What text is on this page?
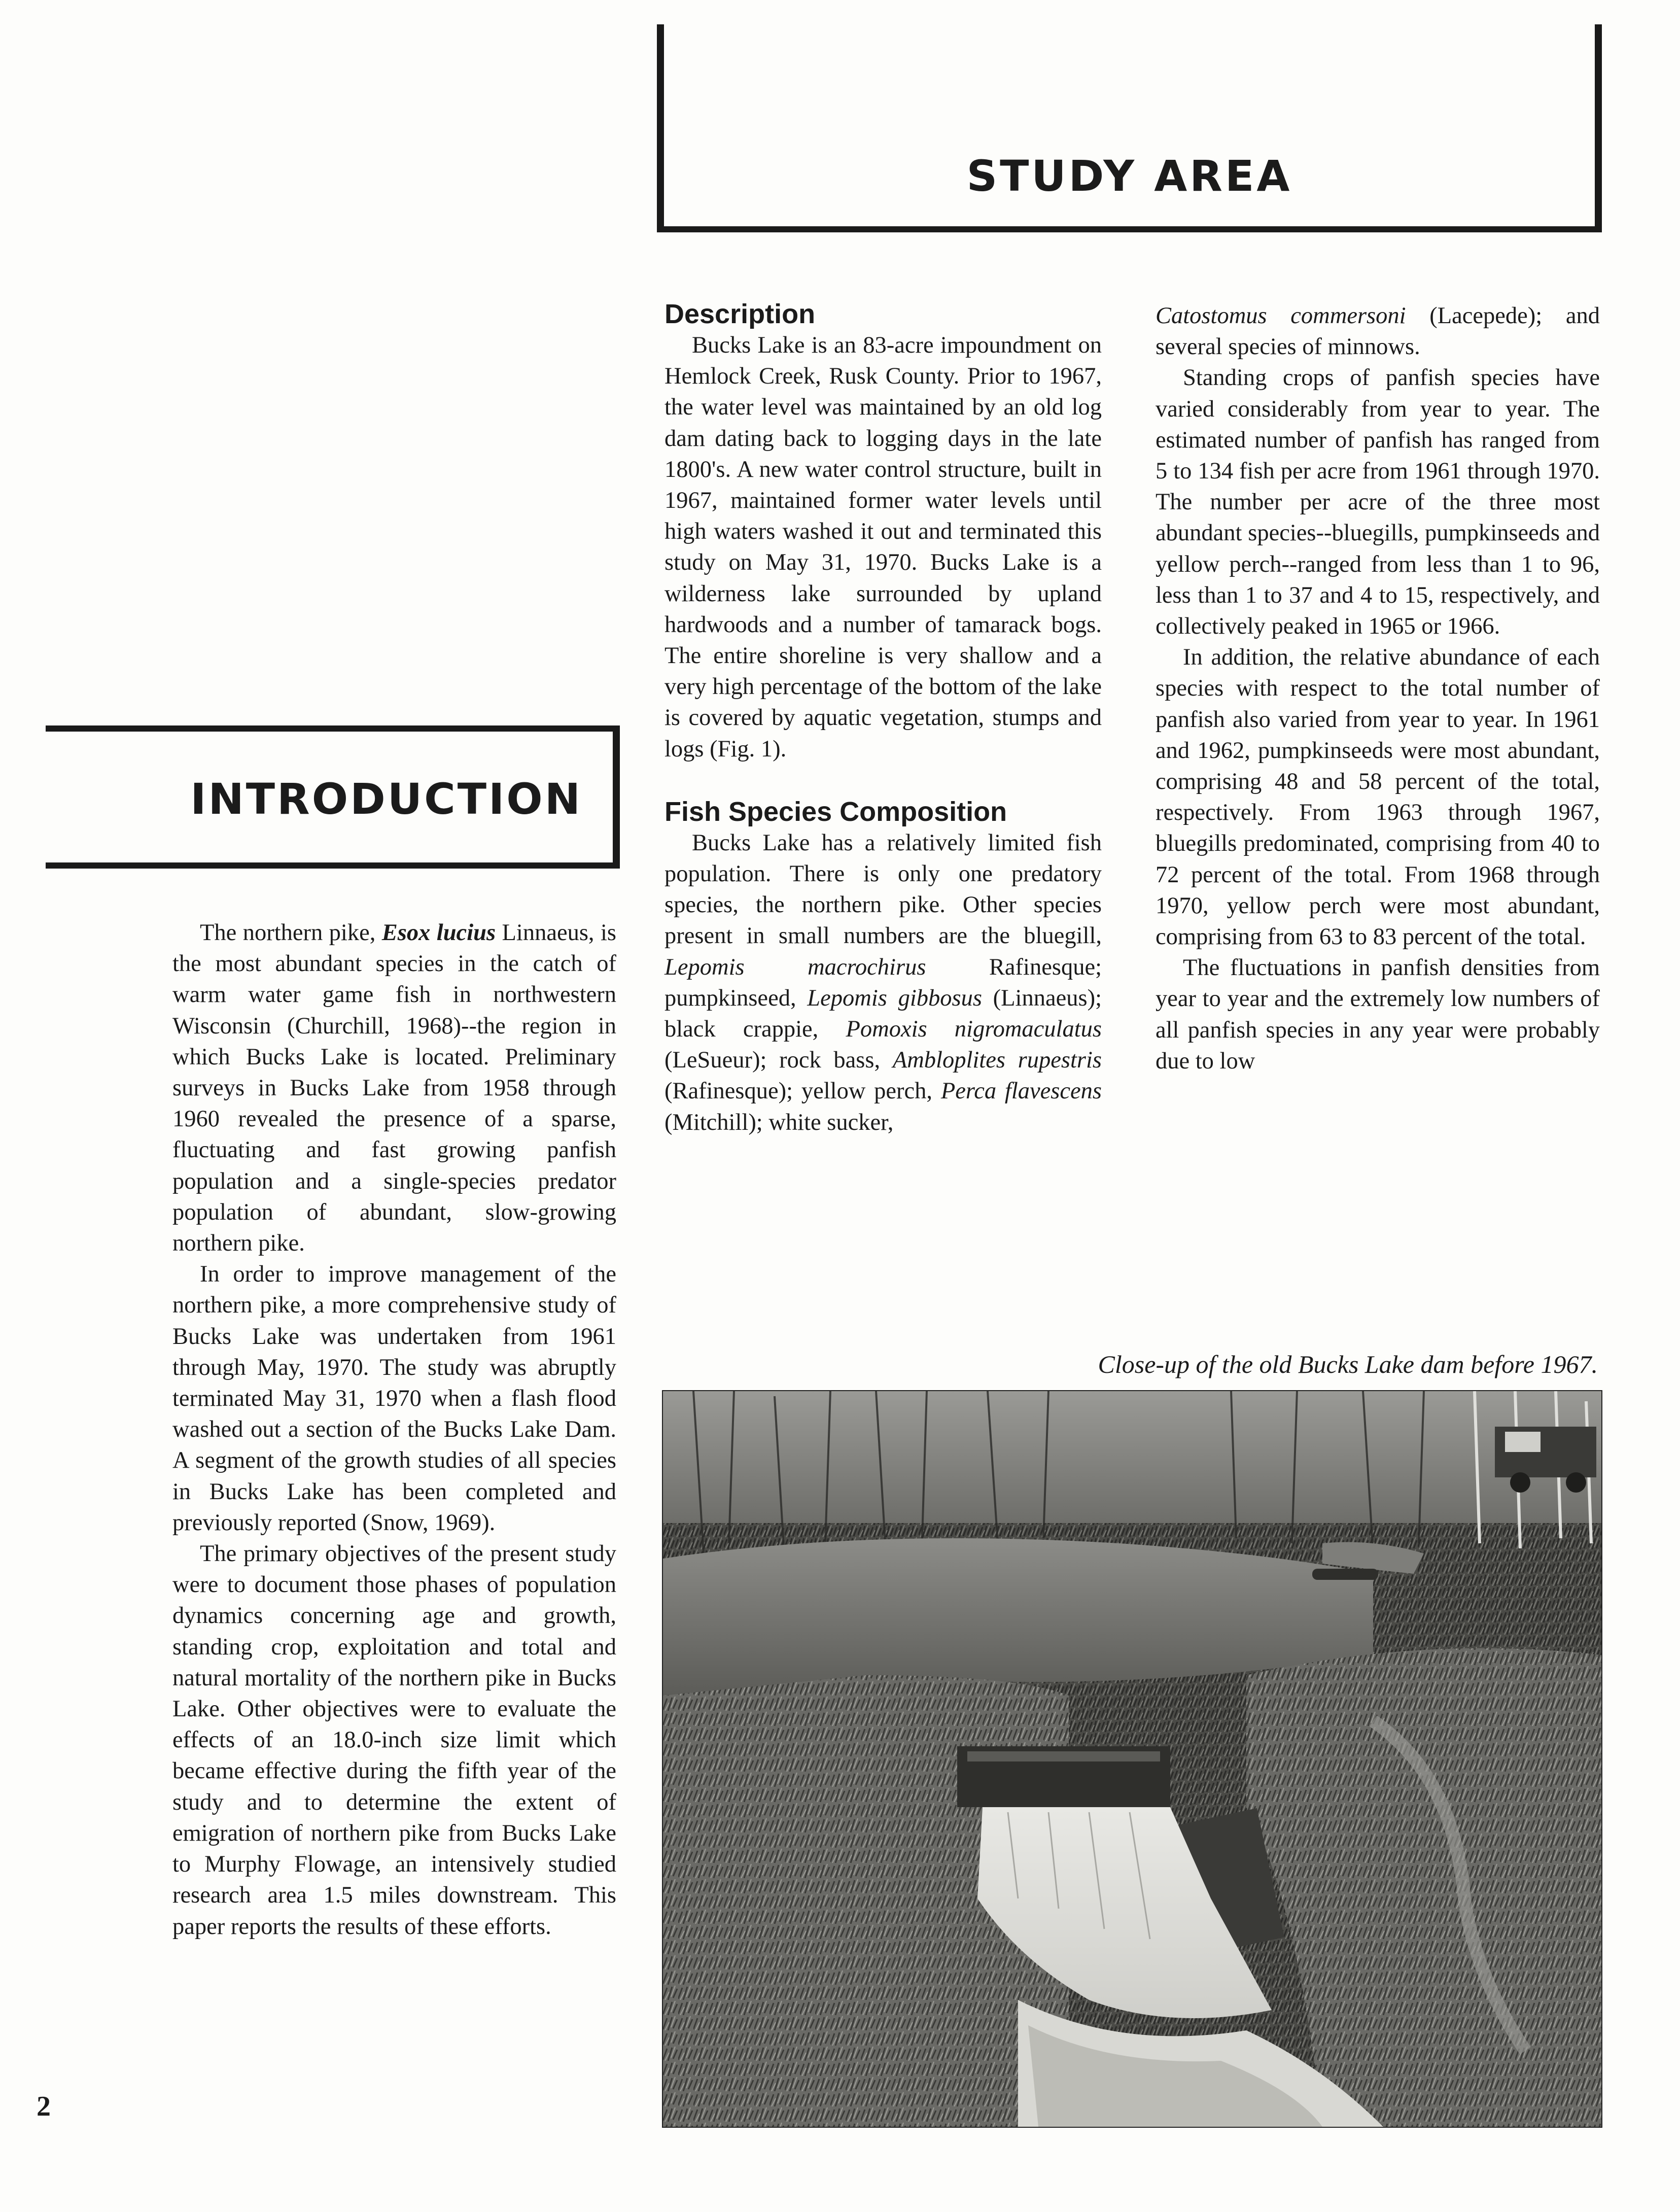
STUDY AREA
INTRODUCTION

The northern pike, Esox lucius Linnaeus, is the most abundant species in the catch of warm water game fish in northwestern Wisconsin (Churchill, 1968)--the region in which Bucks Lake is located. Preliminary surveys in Bucks Lake from 1958 through 1960 revealed the presence of a sparse, fluctuating and fast growing panfish population and a single-species predator population of abundant, slow-growing northern pike.

In order to improve management of the northern pike, a more comprehensive study of Bucks Lake was undertaken from 1961 through May, 1970. The study was abruptly terminated May 31, 1970 when a flash flood washed out a section of the Bucks Lake Dam. A segment of the growth studies of all species in Bucks Lake has been completed and previously reported (Snow, 1969).

The primary objectives of the present study were to document those phases of population dynamics concerning age and growth, standing crop, exploitation and total and natural mortality of the northern pike in Bucks Lake. Other objectives were to evaluate the effects of an 18.0-inch size limit which became effective during the fifth year of the study and to determine the extent of emigration of northern pike from Bucks Lake to Murphy Flowage, an intensively studied research area 1.5 miles downstream. This paper reports the results of these efforts.

Description

Bucks Lake is an 83-acre impoundment on Hemlock Creek, Rusk County. Prior to 1967, the water level was maintained by an old log dam dating back to logging days in the late 1800's. A new water control structure, built in 1967, maintained former water levels until high waters washed it out and terminated this study on May 31, 1970. Bucks Lake is a wilderness lake surrounded by upland hardwoods and a number of tamarack bogs. The entire shoreline is very shallow and a very high percentage of the bottom of the lake is covered by aquatic vegetation, stumps and logs (Fig. 1).

Fish Species Composition

Bucks Lake has a relatively limited fish population. There is only one predatory species, the northern pike. Other species present in small numbers are the bluegill, Lepomis macrochirus Rafinesque; pumpkinseed, Lepomis gibbosus (Linnaeus); black crappie, Pomoxis nigromaculatus (LeSueur); rock bass, Ambloplites rupestris (Rafinesque); yellow perch, Perca flavescens (Mitchill); white sucker,

Catostomus commersoni (Lacepede); and several species of minnows.

Standing crops of panfish species have varied considerably from year to year. The estimated number of panfish has ranged from 5 to 134 fish per acre from 1961 through 1970. The number per acre of the three most abundant species--bluegills, pumpkinseeds and yellow perch--ranged from less than 1 to 96, less than 1 to 37 and 4 to 15, respectively, and collectively peaked in 1965 or 1966.

In addition, the relative abundance of each species with respect to the total number of panfish also varied from year to year. In 1961 and 1962, pumpkinseeds were most abundant, comprising 48 and 58 percent of the total, respectively. From 1963 through 1967, bluegills predominated, comprising from 40 to 72 percent of the total. From 1968 through 1970, yellow perch were most abundant, comprising from 63 to 83 percent of the total.

The fluctuations in panfish densities from year to year and the extremely low numbers of all panfish species in any year were probably due to low

Close-up of the old Bucks Lake dam before 1967.
2
